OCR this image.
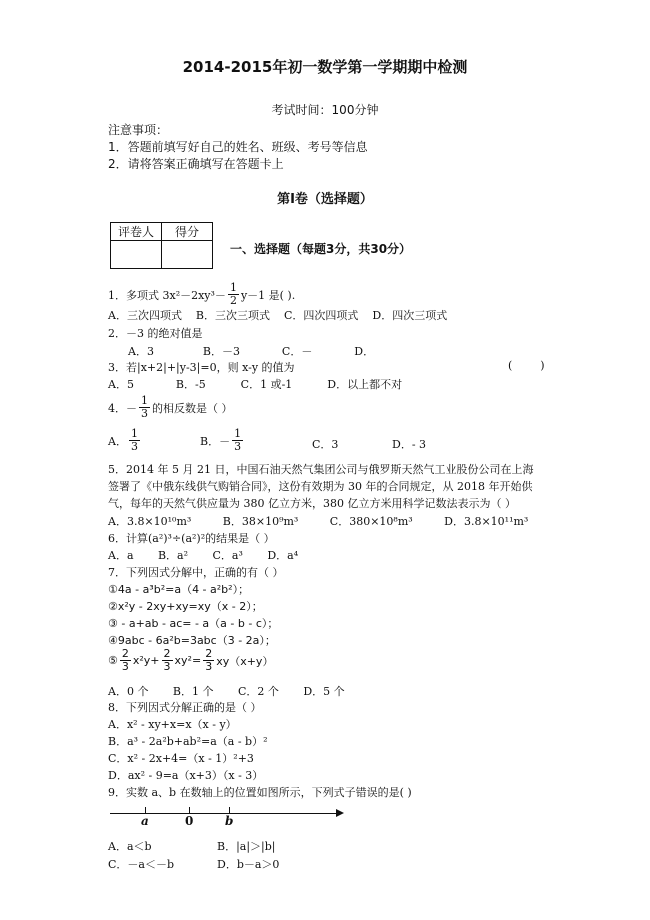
2014-2015年初一数学第一学期期中检测
考试时间：100分钟
注意事项：
1．答题前填写好自己的姓名、班级、考号等信息
2．请将答案正确填写在答题卡上
第I卷（选择题）
评卷人	得分

一、选择题（每题3分，共30分）
1．多项式 $3x^2-2xy^3- \frac{1}{2} y-1$ 是( ).
A．三次四项式    B．三次三项式    C．四次四项式    D．四次三项式
2．－3 的绝对值是
A．3              B．－3            C．－            D．
3．若|x+2|+|y-3|=0，则 x-y 的值为	(        )
A．5            B．-5          C．1 或-1          D．以上都不对
4．－ $\frac{1}{3}$ 的相反数是（ ）
A． $\frac{1}{3}$	B．－ $\frac{1}{3}$	C．3	D．- 3
5．2014 年 5 月 21 日，中国石油天然气集团公司与俄罗斯天然气工业股份公司在上海
签署了《中俄东线供气购销合同》，这份有效期为 30 年的合同规定，从 2018 年开始供
气，每年的天然气供应量为 380 亿立方米，380 亿立方米用科学记数法表示为（ ）
A．3.8×10¹⁰m³         B．38×10⁹m³         C．380×10⁸m³         D．3.8×10¹¹m³
6．计算(a²)³÷(a²)²的结果是（ ）
A．a       B．a²       C．a³       D．a⁴
7．下列因式分解中，正确的有（ ）
①4a - a³b²=a（4 - a²b²）；
②x²y - 2xy+xy=xy（x - 2）；
③ - a+ab - ac= - a（a - b - c）；
④9abc - 6a²b=3abc（3 - 2a）；
⑤ $\frac{2}{3} x^2y+ \frac{2}{3} xy^2= \frac{2}{3} xy(x+y)$
A．0 个       B．1 个       C．2 个       D．5 个
8．下列因式分解正确的是（ ）
A．x² - xy+x=x（x - y）
B．a³ - 2a²b+ab²=a（a - b）²
C．x² - 2x+4=（x - 1）²+3
D．ax² - 9=a（x+3）（x - 3）
9．实数 a、b 在数轴上的位置如图所示，下列式子错误的是( )
a	0	b
A．a＜b	B．|a|＞|b|
C．－a＜－b	D．b－a＞0
